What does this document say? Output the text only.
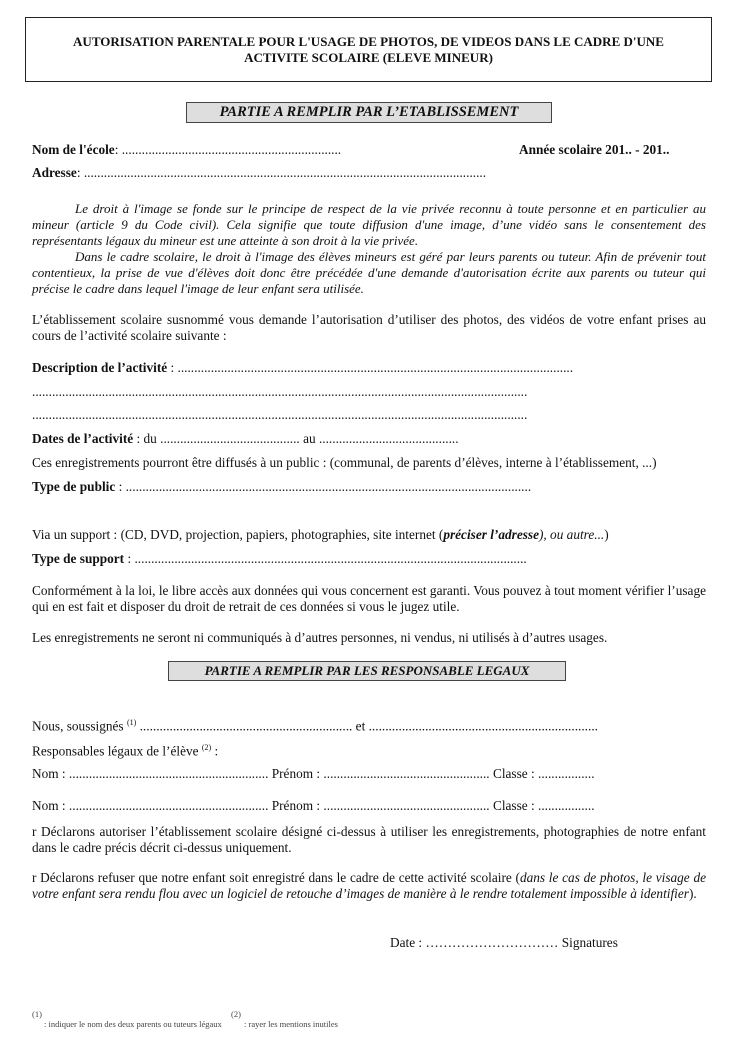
AUTORISATION PARENTALE POUR L'USAGE DE PHOTOS, DE VIDEOS DANS LE CADRE D'UNE
ACTIVITE SCOLAIRE (ELEVE MINEUR)
PARTIE A REMPLIR PAR L’ETABLISSEMENT
Nom de l'école: ..................................................................	Année scolaire 201.. - 201..
Adresse: .........................................................................................................................
Le droit à l'image se fonde sur le principe de respect de la vie privée reconnu à toute personne et en particulier au mineur (article 9 du Code civil). Cela signifie que toute diffusion d'une image, d’une vidéo sans le consentement des représentants légaux du mineur est une atteinte à son droit à la vie privée.
Dans le cadre scolaire, le droit à l'image des élèves mineurs est géré par leurs parents ou tuteur. Afin de prévenir tout contentieux, la prise de vue d'élèves doit donc être précédée d'une demande d'autorisation écrite aux parents ou tuteur qui précise le cadre dans lequel l'image de leur enfant sera utilisée.
L’établissement scolaire susnommé vous demande l’autorisation d’utiliser des photos, des vidéos de votre enfant prises au cours de l’activité scolaire suivante :
Description de l’activité : .......................................................................................................................
.....................................................................................................................................................
.....................................................................................................................................................
Dates de l’activité : du .......................................... au ..........................................
Ces enregistrements pourront être diffusés à un public : (communal, de parents d’élèves, interne à l’établissement, ...)
Type de public : ..........................................................................................................................
Via un support : (CD, DVD, projection, papiers, photographies, site internet (préciser l’adresse), ou autre...)
Type de support : ......................................................................................................................
Conformément à la loi, le libre accès aux données qui vous concernent est garanti. Vous pouvez à tout moment vérifier l’usage qui en est fait et disposer du droit de retrait de ces données si vous le jugez utile.
Les enregistrements ne seront ni communiqués à d’autres personnes, ni vendus, ni utilisés à d’autres usages.
PARTIE A REMPLIR PAR LES RESPONSABLE LEGAUX
Nous, soussignés $^{(1)}$ ................................................................ et .....................................................................
Responsables légaux de l’élève $^{(2)}$ :
Nom : ............................................................ Prénom : .................................................. Classe : .................
Nom : ............................................................ Prénom : .................................................. Classe : .................
r Déclarons autoriser l’établissement scolaire désigné ci-dessus à utiliser les enregistrements, photographies de notre enfant dans le cadre précis décrit ci-dessus uniquement.
r Déclarons refuser que notre enfant soit enregistré dans le cadre de cette activité scolaire (dans le cas de photos, le visage de votre enfant sera rendu flou avec un logiciel de retouche d’images de manière à le rendre totalement impossible à identifier).
Date : ………………………… Signatures
(1)
: indiquer le nom des deux parents ou tuteurs légaux
(2)
: rayer les mentions inutiles
